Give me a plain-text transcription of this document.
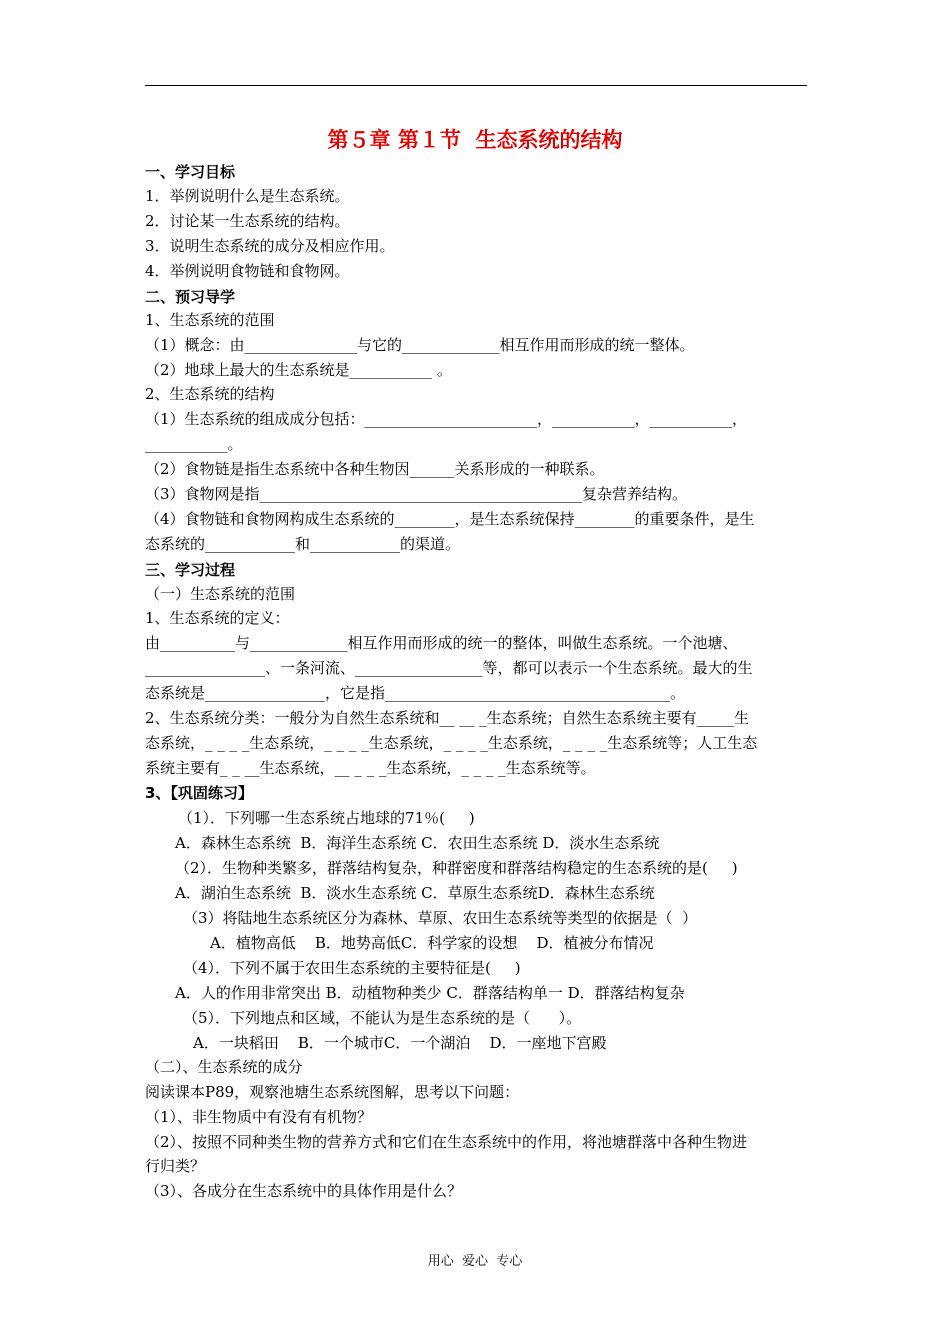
第５章 第１节  生态系统的结构
一、学习目标
1．举例说明什么是生态系统。
2．讨论某一生态系统的结构。
3．说明生态系统的成分及相应作用。
4．举例说明食物链和食物网。
二、预习导学
1、生态系统的范围
（1）概念：由_______________与它的_____________相互作用而形成的统一整体。
（2）地球上最大的生态系统是___________ 。
2、生态系统的结构
（1）生态系统的组成成分包括：_______________________，___________，___________，
___________。
（2）食物链是指生态系统中各种生物因______关系形成的一种联系。
（3）食物网是指___________________________________________复杂营养结构。
（4）食物链和食物网构成生态系统的________，是生态系统保持________的重要条件，是生
态系统的____________和____________的渠道。
三、学习过程
（一）生态系统的范围
1、生态系统的定义：
由__________与_____________相互作用而形成的统一的整体，叫做生态系统。一个池塘、
________________、一条河流、_________________等，都可以表示一个生态系统。最大的生
态系统是________________，它是指______________________________________。
2、生态系统分类：一般分为自然生态系统和__ __ _生态系统；自然生态系统主要有_____生
态系统，_ _ _ _生态系统，_ _ _ _生态系统，_ _ _ _生态系统，_ _ _ _生态系统等；人工生态
系统主要有_ _ __生态系统，__ _ _ _生态系统，_ _ _ _生态系统等。
3、【巩固练习】
（1）．下列哪一生态系统占地球的71％(     )
A．森林生态系统  B．海洋生态系统 C．农田生态系统 D．淡水生态系统
（2）．生物种类繁多，群落结构复杂，种群密度和群落结构稳定的生态系统的是(     )
A．湖泊生态系统  B．淡水生态系统 C．草原生态系统D．森林生态系统
（3）将陆地生态系统区分为森林、草原、农田生态系统等类型的依据是（  ）
A．植物高低    B．地势高低C．科学家的设想    D．植被分布情况
（4）．下列不属于农田生态系统的主要特征是(     )
A．人的作用非常突出 B．动植物种类少 C．群落结构单一 D．群落结构复杂
（5）．下列地点和区域，不能认为是生态系统的是（      ）。
A．一块稻田    B．一个城市C．一个湖泊    D．一座地下宫殿
（二）、生态系统的成分
阅读课本P89，观察池塘生态系统图解，思考以下问题：
（1）、非生物质中有没有有机物？
（2）、按照不同种类生物的营养方式和它们在生态系统中的作用，将池塘群落中各种生物进
行归类？
（3）、各成分在生态系统中的具体作用是什么？
用心  爱心  专心
